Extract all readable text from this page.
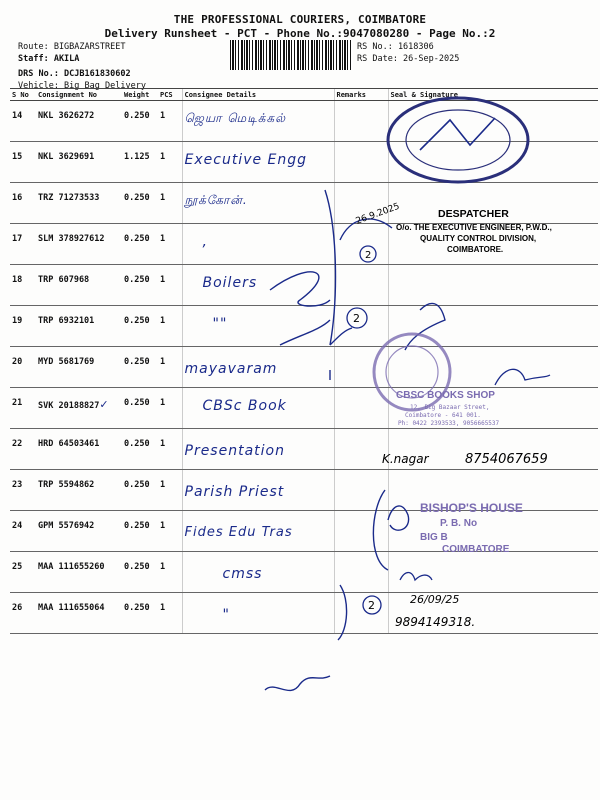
THE PROFESSIONAL COURIERS, COIMBATORE
Delivery Runsheet - PCT - Phone No.:9047080280 - Page No.:2
Route: BIGBAZARSTREET
Staff: AKILA
DRS No.: DCJB161830602
Vehicle: Big Bag Delivery
RS No.: 1618306
RS Date: 26-Sep-2025
S No	Consignment No	Weight	PCS	Consignee Details	Remarks	Seal & Signature
14	NKL 3626272	0.250	1	ஜெயா மெடிக்கல்		
15	NKL 3629691	1.125	1	Executive Engg		
16	TRZ 71273533	0.250	1	நூக்கோன்.		
17	SLM 378927612	0.250	1	,		
18	TRP 607968	0.250	1	Boilers		
19	TRP 6932101	0.250	1	""		
20	MYD 5681769	0.250	1	mayavaram		
21	SVK 20188827✓	0.250	1	CBSc Book		
22	HRD 64503461	0.250	1	Presentation		
23	TRP 5594862	0.250	1	Parish Priest		
24	GPM 5576942	0.250	1	Fides Edu Tras		
25	MAA 111655260	0.250	1	cmss		
26	MAA 111655064	0.250	1	"		
DESPATCHER
O/o. THE EXECUTIVE ENGINEER, P.W.D.,
QUALITY CONTROL DIVISION,
COIMBATORE.
26.9.2025
2
2
2
CBSC BOOKS SHOP
12, Big Bazaar Street,
Coimbatore - 641 001.
Ph: 0422 2393533, 9056665537
K.nagar	8754067659
BISHOP'S HOUSE
P. B. No
BIG B
COIMBATORE
26/09/25
9894149318.
